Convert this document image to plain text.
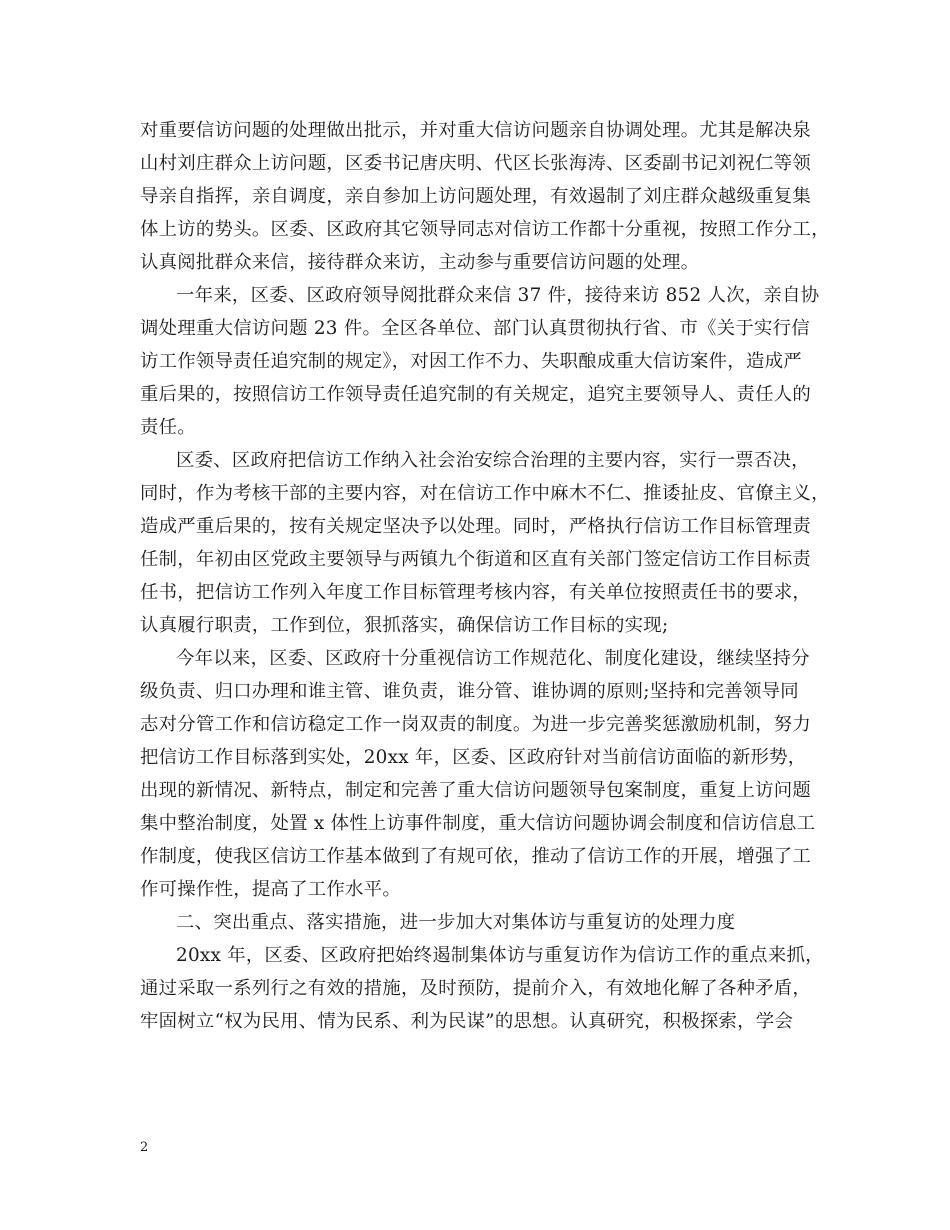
对重要信访问题的处理做出批示，并对重大信访问题亲自协调处理。尤其是解决泉
山村刘庄群众上访问题，区委书记唐庆明、代区长张海涛、区委副书记刘祝仁等领
导亲自指挥，亲自调度，亲自参加上访问题处理，有效遏制了刘庄群众越级重复集
体上访的势头。区委、区政府其它领导同志对信访工作都十分重视，按照工作分工，
认真阅批群众来信，接待群众来访，主动参与重要信访问题的处理。
一年来，区委、区政府领导阅批群众来信 37 件，接待来访 852 人次，亲自协
调处理重大信访问题 23 件。全区各单位、部门认真贯彻执行省、市《关于实行信
访工作领导责任追究制的规定》，对因工作不力、失职酿成重大信访案件，造成严
重后果的，按照信访工作领导责任追究制的有关规定，追究主要领导人、责任人的
责任。
区委、区政府把信访工作纳入社会治安综合治理的主要内容，实行一票否决，
同时，作为考核干部的主要内容，对在信访工作中麻木不仁、推诿扯皮、官僚主义，
造成严重后果的，按有关规定坚决予以处理。同时，严格执行信访工作目标管理责
任制，年初由区党政主要领导与两镇九个街道和区直有关部门签定信访工作目标责
任书，把信访工作列入年度工作目标管理考核内容，有关单位按照责任书的要求，
认真履行职责，工作到位，狠抓落实，确保信访工作目标的实现;
今年以来，区委、区政府十分重视信访工作规范化、制度化建设，继续坚持分
级负责、归口办理和谁主管、谁负责，谁分管、谁协调的原则;坚持和完善领导同
志对分管工作和信访稳定工作一岗双责的制度。为进一步完善奖惩激励机制，努力
把信访工作目标落到实处，20xx 年，区委、区政府针对当前信访面临的新形势，
出现的新情况、新特点，制定和完善了重大信访问题领导包案制度，重复上访问题
集中整治制度，处置 x 体性上访事件制度，重大信访问题协调会制度和信访信息工
作制度，使我区信访工作基本做到了有规可依，推动了信访工作的开展，增强了工
作可操作性，提高了工作水平。
二、突出重点、落实措施，进一步加大对集体访与重复访的处理力度
20xx 年，区委、区政府把始终遏制集体访与重复访作为信访工作的重点来抓，
通过采取一系列行之有效的措施，及时预防，提前介入，有效地化解了各种矛盾，
牢固树立“权为民用、情为民系、利为民谋”的思想。认真研究，积极探索，学会
2
